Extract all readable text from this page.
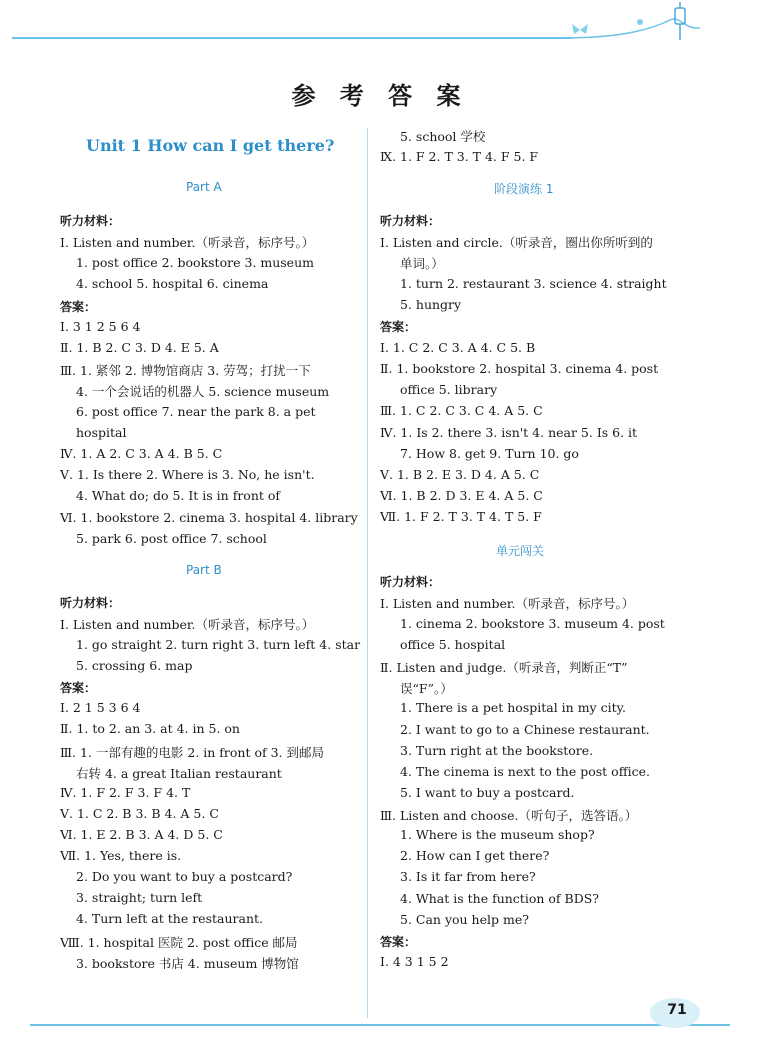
参 考 答 案
Unit 1 How can I get there?
Part A
听力材料：
Ⅰ. Listen and number.（听录音，标序号。）
1. post office 2. bookstore 3. museum
4. school 5. hospital 6. cinema
答案：
Ⅰ. 3 1 2 5 6 4
Ⅱ. 1. B 2. C 3. D 4. E 5. A
Ⅲ. 1. 紧邻 2. 博物馆商店 3. 劳驾；打扰一下
4. 一个会说话的机器人 5. science museum
6. post office 7. near the park 8. a pet
hospital
Ⅳ. 1. A 2. C 3. A 4. B 5. C
Ⅴ. 1. Is there 2. Where is 3. No, he isn't.
4. What do; do 5. It is in front of
Ⅵ. 1. bookstore 2. cinema 3. hospital 4. library
5. park 6. post office 7. school
Part B
听力材料：
Ⅰ. Listen and number.（听录音，标序号。）
1. go straight 2. turn right 3. turn left 4. star
5. crossing 6. map
答案：
Ⅰ. 2 1 5 3 6 4
Ⅱ. 1. to 2. an 3. at 4. in 5. on
Ⅲ. 1. 一部有趣的电影 2. in front of 3. 到邮局
右转 4. a great Italian restaurant
Ⅳ. 1. F 2. F 3. F 4. T
Ⅴ. 1. C 2. B 3. B 4. A 5. C
Ⅵ. 1. E 2. B 3. A 4. D 5. C
Ⅶ. 1. Yes, there is.
2. Do you want to buy a postcard?
3. straight; turn left
4. Turn left at the restaurant.
Ⅷ. 1. hospital 医院 2. post office 邮局
3. bookstore 书店 4. museum 博物馆
5. school 学校
Ⅸ. 1. F 2. T 3. T 4. F 5. F
阶段演练 1
听力材料：
Ⅰ. Listen and circle.（听录音，圈出你所听到的
单词。）
1. turn 2. restaurant 3. science 4. straight
5. hungry
答案：
Ⅰ. 1. C 2. C 3. A 4. C 5. B
Ⅱ. 1. bookstore 2. hospital 3. cinema 4. post
office 5. library
Ⅲ. 1. C 2. C 3. C 4. A 5. C
Ⅳ. 1. Is 2. there 3. isn't 4. near 5. Is 6. it
7. How 8. get 9. Turn 10. go
Ⅴ. 1. B 2. E 3. D 4. A 5. C
Ⅵ. 1. B 2. D 3. E 4. A 5. C
Ⅶ. 1. F 2. T 3. T 4. T 5. F
单元闯关
听力材料：
Ⅰ. Listen and number.（听录音，标序号。）
1. cinema 2. bookstore 3. museum 4. post
office 5. hospital
Ⅱ. Listen and judge.（听录音，判断正“T”
误“F”。）
1. There is a pet hospital in my city.
2. I want to go to a Chinese restaurant.
3. Turn right at the bookstore.
4. The cinema is next to the post office.
5. I want to buy a postcard.
Ⅲ. Listen and choose.（听句子，选答语。）
1. Where is the museum shop?
2. How can I get there?
3. Is it far from here?
4. What is the function of BDS?
5. Can you help me?
答案：
Ⅰ. 4 3 1 5 2
71
